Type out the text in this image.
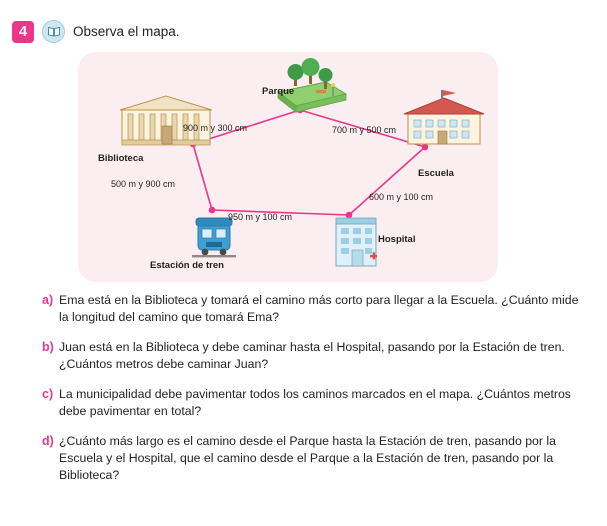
4	Observa el mapa.
Parque
Biblioteca
Escuela
Estación de tren
Hospital
900 m y 300 cm	700 m y 500 cm
500 m y 900 cm
950 m y 100 cm
600 m y 100 cm
a) Ema está en la Biblioteca y tomará el camino más corto para llegar a la Escuela. ¿Cuánto mide la longitud del camino que tomará Ema?
b) Juan está en la Biblioteca y debe caminar hasta el Hospital, pasando por la Estación de tren. ¿Cuántos metros debe caminar Juan?
c) La municipalidad debe pavimentar todos los caminos marcados en el mapa. ¿Cuántos metros debe pavimentar en total?
d) ¿Cuánto más largo es el camino desde el Parque hasta la Estación de tren, pasando por la Escuela y el Hospital, que el camino desde el Parque a la Estación de tren, pasando por la Biblioteca?
